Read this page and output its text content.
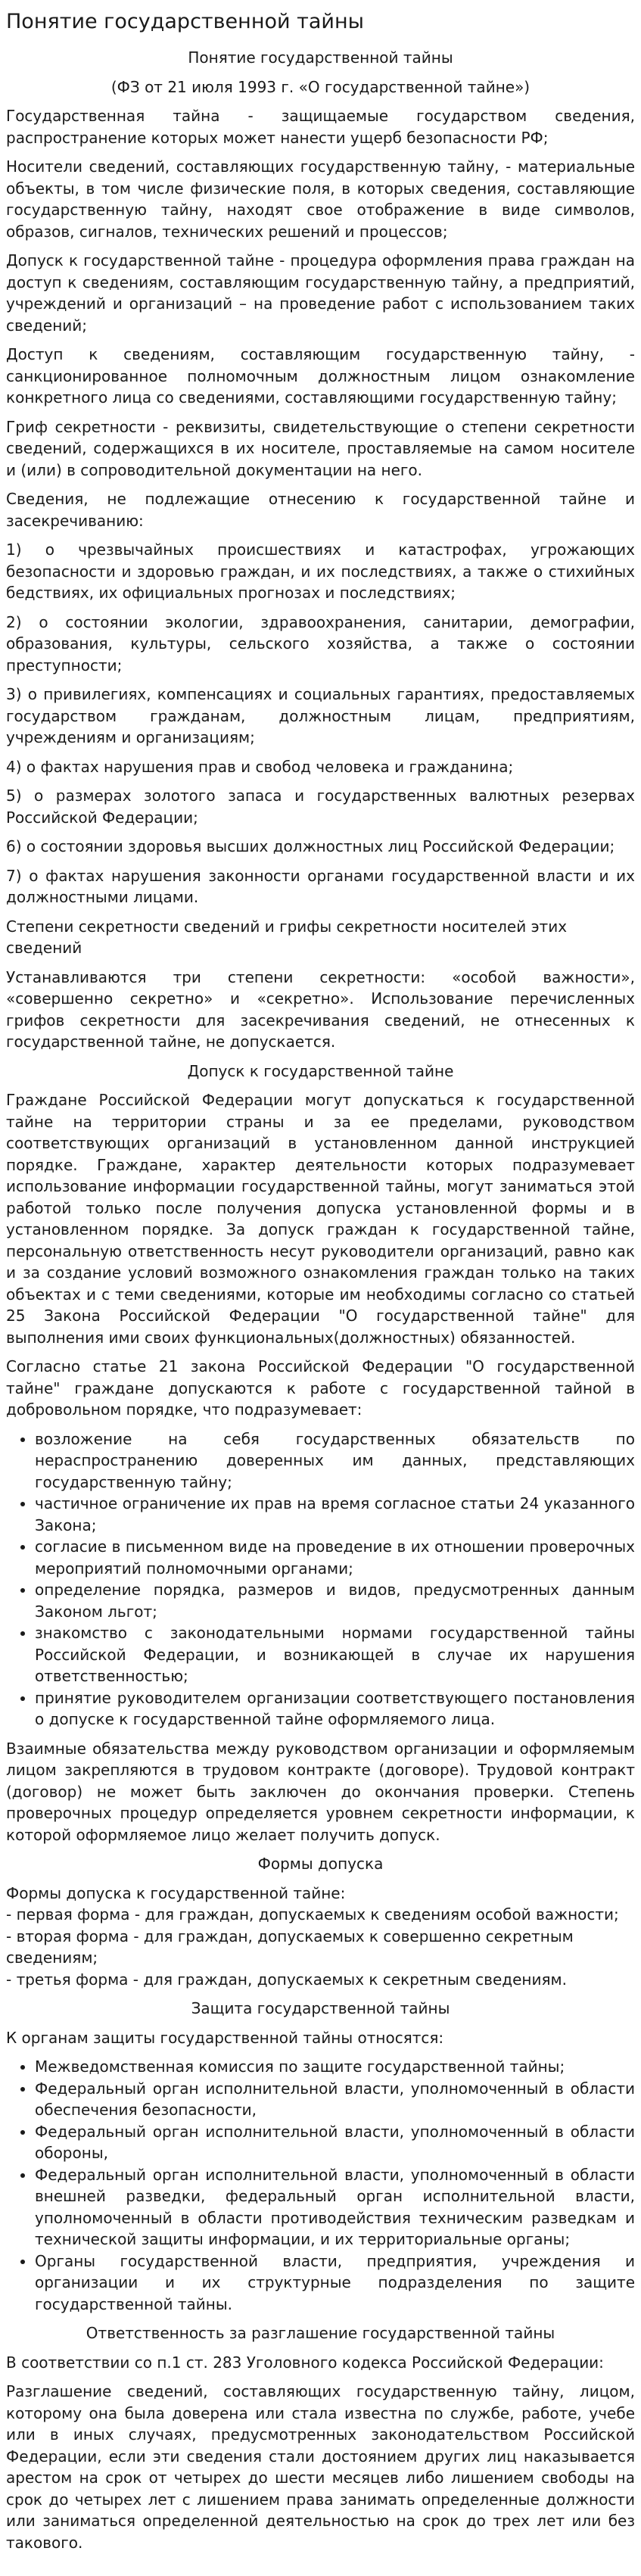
Понятие государственной тайны
Понятие государственной тайны
(ФЗ от 21 июля 1993 г. «О государственной тайне»)

Государственная тайна - защищаемые государством сведения, распространение которых может нанести ущерб безопасности РФ;

Носители сведений, составляющих государственную тайну, - материальные объекты, в том числе физические поля, в которых сведения, составляющие государственную тайну, находят свое отображение в виде символов, образов, сигналов, технических решений и процессов;

Допуск к государственной тайне - процедура оформления права граждан на доступ к сведениям, составляющим государственную тайну, а предприятий, учреждений и организаций – на проведение работ с использованием таких сведений;

Доступ к сведениям, составляющим государственную тайну, - санкционированное полномочным должностным лицом ознакомление конкретного лица со сведениями, составляющими государственную тайну;

Гриф секретности - реквизиты, свидетельствующие о степени секретности сведений, содержащихся в их носителе, проставляемые на самом носителе и (или) в сопроводительной документации на него.

Сведения, не подлежащие отнесению к государственной тайне и засекречиванию:

1) о чрезвычайных происшествиях и катастрофах, угрожающих безопасности и здоровью граждан, и их последствиях, а также о стихийных бедствиях, их официальных прогнозах и последствиях;

2) о состоянии экологии, здравоохранения, санитарии, демографии, образования, культуры, сельского хозяйства, а также о состоянии преступности;

3) о привилегиях, компенсациях и социальных гарантиях, предоставляемых государством гражданам, должностным лицам, предприятиям, учреждениям и организациям;

4) о фактах нарушения прав и свобод человека и гражданина;

5) о размерах золотого запаса и государственных валютных резервах Российской Федерации;

6) о состоянии здоровья высших должностных лиц Российской Федерации;

7) о фактах нарушения законности органами государственной власти и их должностными лицами.

Степени секретности сведений и грифы секретности носителей этих сведений

Устанавливаются три степени секретности: «особой важности», «совершенно секретно» и «секретно». Использование перечисленных грифов секретности для засекречивания сведений, не отнесенных к государственной тайне, не допускается.

Допуск к государственной тайне

Граждане Российской Федерации могут допускаться к государственной тайне на территории страны и за ее пределами, руководством соответствующих организаций в установленном данной инструкцией порядке. Граждане, характер деятельности которых подразумевает использование информации государственной тайны, могут заниматься этой работой только после получения допуска установленной формы и в установленном порядке. За допуск граждан к государственной тайне, персональную ответственность несут руководители организаций, равно как и за создание условий возможного ознакомления граждан только на таких объектах и с теми сведениями, которые им необходимы согласно со статьей 25 Закона Российской Федерации "О государственной тайне" для выполнения ими своих функциональных(должностных) обязанностей.

Согласно статье 21 закона Российской Федерации "О государственной тайне" граждане допускаются к работе с государственной тайной в добровольном порядке, что подразумевает:

• возложение на себя государственных обязательств по нераспространению доверенных им данных, представляющих государственную тайну;
• частичное ограничение их прав на время согласное статьи 24 указанного Закона;
• согласие в письменном виде на проведение в их отношении проверочных мероприятий полномочными органами;
• определение порядка, размеров и видов, предусмотренных данным Законом льгот;
• знакомство с законодательными нормами государственной тайны Российской Федерации, и возникающей в случае их нарушения ответственностью;
• принятие руководителем организации соответствующего постановления о допуске к государственной тайне оформляемого лица.

Взаимные обязательства между руководством организации и оформляемым лицом закрепляются в трудовом контракте (договоре). Трудовой контракт (договор) не может быть заключен до окончания проверки. Степень проверочных процедур определяется уровнем секретности информации, к которой оформляемое лицо желает получить допуск.

Формы допуска
Формы допуска к государственной тайне:
- первая форма - для граждан, допускаемых к сведениям особой важности;
- вторая форма - для граждан, допускаемых к совершенно секретным сведениям;
- третья форма - для граждан, допускаемых к секретным сведениям.
Защита государственной тайны

К органам защиты государственной тайны относятся:

• Межведомственная комиссия по защите государственной тайны;
• Федеральный орган исполнительной власти, уполномоченный в области обеспечения безопасности,
• Федеральный орган исполнительной власти, уполномоченный в области обороны,
• Федеральный орган исполнительной власти, уполномоченный в области внешней разведки, федеральный орган исполнительной власти, уполномоченный в области противодействия техническим разведкам и технической защиты информации, и их территориальные органы;
• Органы государственной власти, предприятия, учреждения и организации и их структурные подразделения по защите государственной тайны.
Ответственность за разглашение государственной тайны

В соответствии со п.1 ст. 283 Уголовного кодекса Российской Федерации:

Разглашение сведений, составляющих государственную тайну, лицом, которому она была доверена или стала известна по службе, работе, учебе или в иных случаях, предусмотренных законодательством Российской Федерации, если эти сведения стали достоянием других лиц наказывается арестом на срок от четырех до шести месяцев либо лишением свободы на срок до четырех лет с лишением права занимать определенные должности или заниматься определенной деятельностью на срок до трех лет или без такового.
